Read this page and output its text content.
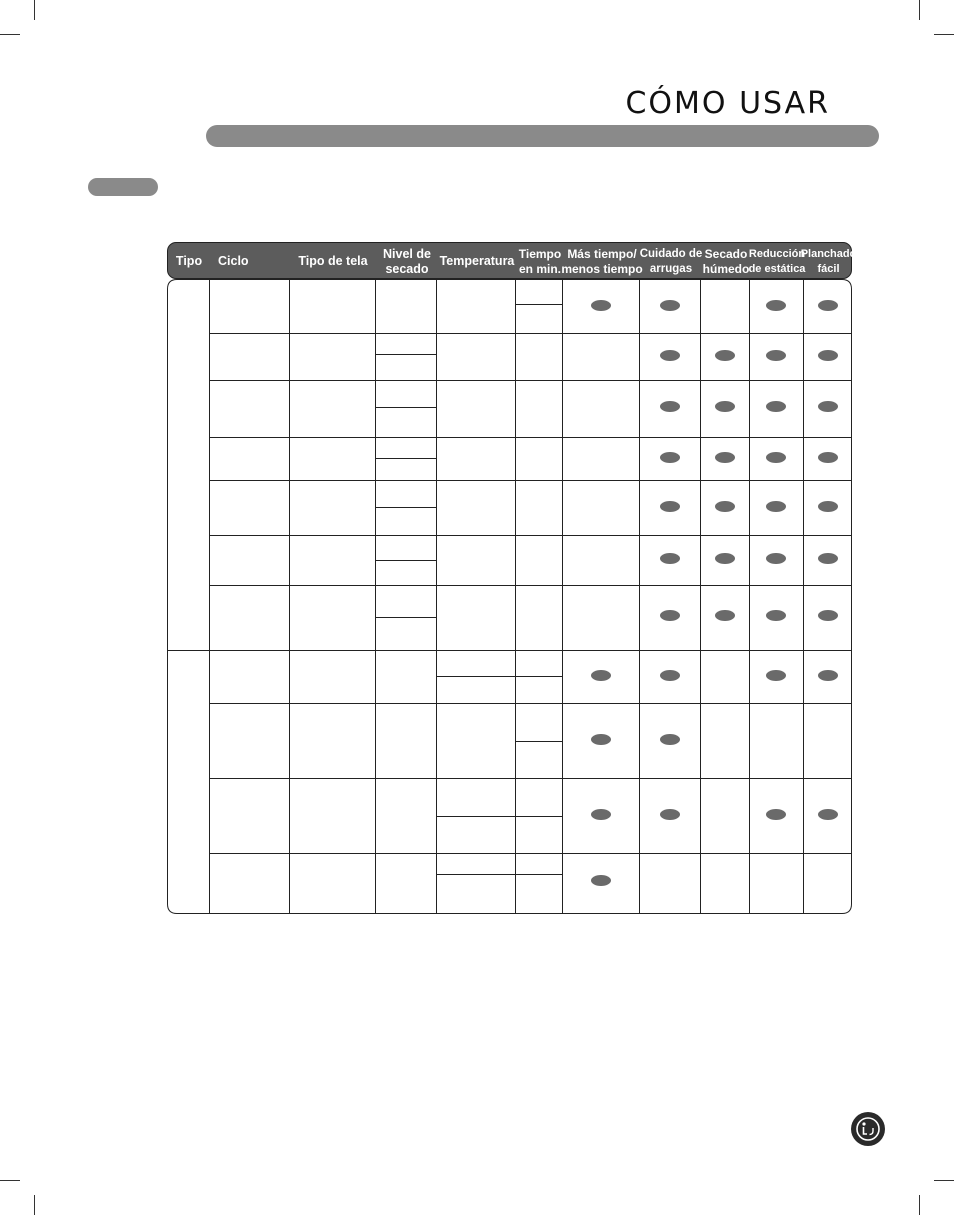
CÓMO USAR
Tipo Ciclo	Tipo de tela
Nivel de
secado
Temperatura
Tiempo
en min.
Más tiempo/
menos tiempo
Cuidado de
arrugas
Secado
húmedo
Reducción
de estática
Planchado
fácil
